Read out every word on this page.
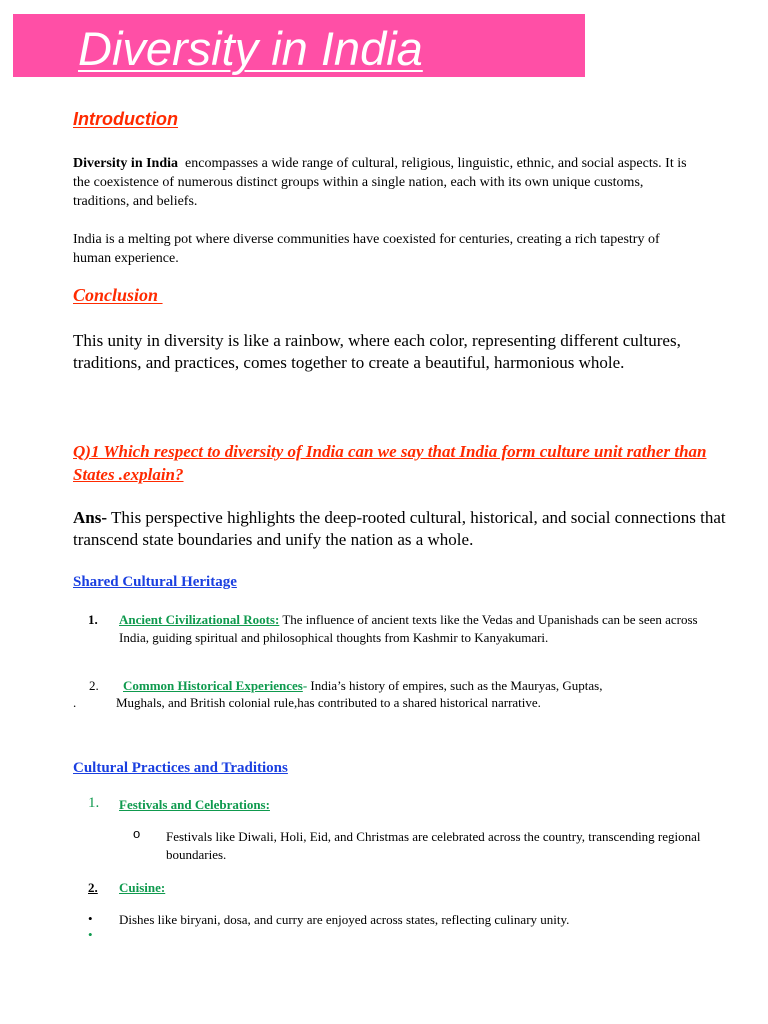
Diversity in India
Introduction

Diversity in India  encompasses a wide range of cultural, religious, linguistic, ethnic, and social aspects. It is the coexistence of numerous distinct groups within a single nation, each with its own unique customs, traditions, and beliefs.

India is a melting pot where diverse communities have coexisted for centuries, creating a rich tapestry of human experience.

Conclusion

This unity in diversity is like a rainbow, where each color, representing different cultures, traditions, and practices, comes together to create a beautiful, harmonious whole.

Q)1 Which respect to diversity of India can we say that India form culture unit rather than States .explain?

Ans- This perspective highlights the deep-rooted cultural, historical, and social connections that transcend state boundaries and unify the nation as a whole.

Shared Cultural Heritage
1. Ancient Civilizational Roots: The influence of ancient texts like the Vedas and Upanishads can be seen across India, guiding spiritual and philosophical thoughts from Kashmir to Kanyakumari.

2. Common Historical Experiences- India’s history of empires, such as the Mauryas, Guptas,

.	Mughals, and British colonial rule,has contributed to a shared historical narrative.
Cultural Practices and Traditions
1. Festivals and Celebrations:
o Festivals like Diwali, Holi, Eid, and Christmas are celebrated across the country, transcending regional boundaries.

2. Cuisine:
• Dishes like biryani, dosa, and curry are enjoyed across states, reflecting culinary unity.
•
